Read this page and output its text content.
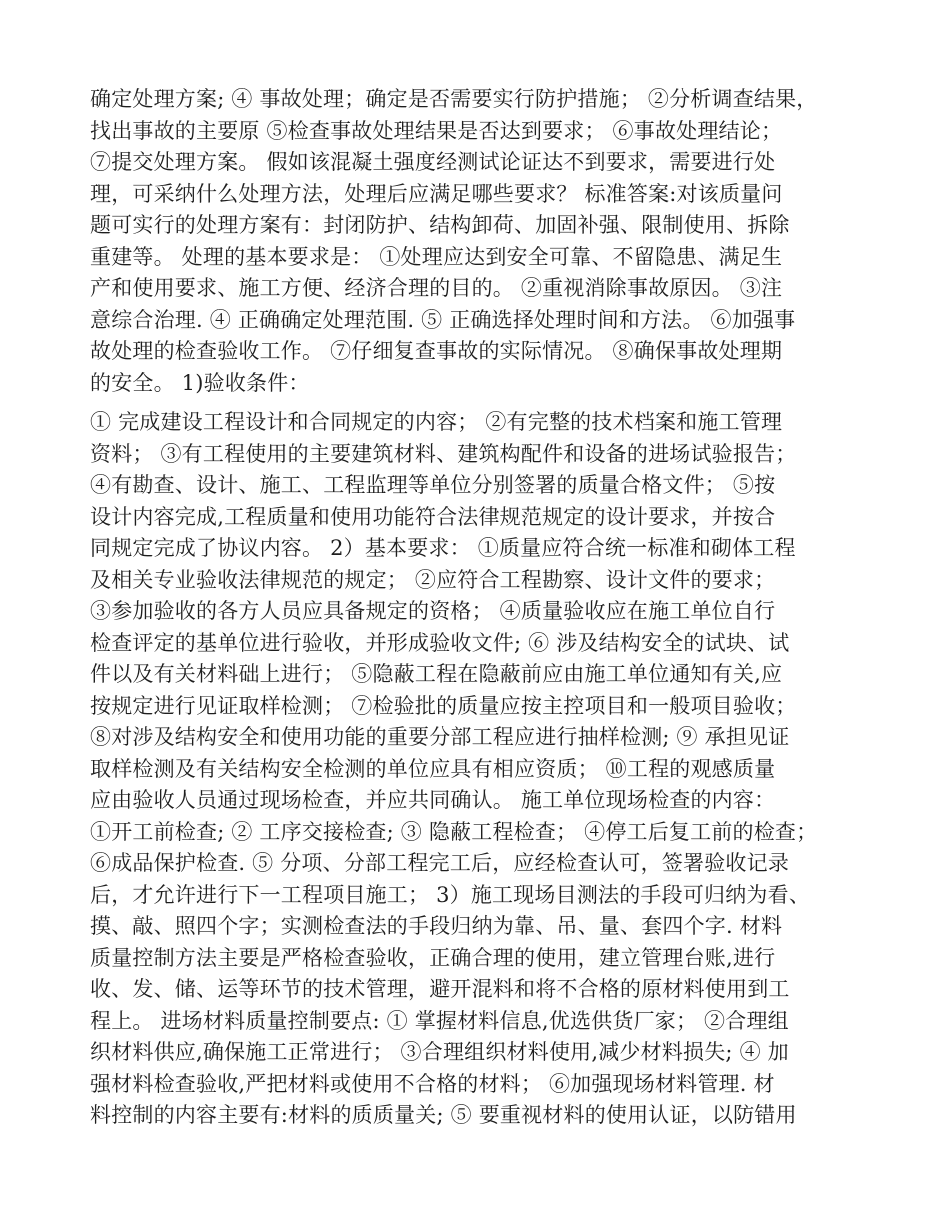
确定处理方案; ④ 事故处理；确定是否需要实行防护措施； ②分析调查结果，
找出事故的主要原 ⑤检查事故处理结果是否达到要求； ⑥事故处理结论；
⑦提交处理方案。 假如该混凝土强度经测试论证达不到要求，需要进行处
理，可采纳什么处理方法，处理后应满足哪些要求？ 标准答案:对该质量问
题可实行的处理方案有：封闭防护、结构卸荷、加固补强、限制使用、拆除
重建等。 处理的基本要求是： ①处理应达到安全可靠、不留隐患、满足生
产和使用要求、施工方便、经济合理的目的。 ②重视消除事故原因。 ③注
意综合治理. ④ 正确确定处理范围. ⑤ 正确选择处理时间和方法。 ⑥加强事
故处理的检查验收工作。 ⑦仔细复查事故的实际情况。 ⑧确保事故处理期
的安全。 1)验收条件：
① 完成建设工程设计和合同规定的内容； ②有完整的技术档案和施工管理
资料； ③有工程使用的主要建筑材料、建筑构配件和设备的进场试验报告；
④有勘查、设计、施工、工程监理等单位分别签署的质量合格文件； ⑤按
设计内容完成,工程质量和使用功能符合法律规范规定的设计要求，并按合
同规定完成了协议内容。 2）基本要求： ①质量应符合统一标准和砌体工程
及相关专业验收法律规范的规定； ②应符合工程勘察、设计文件的要求；
③参加验收的各方人员应具备规定的资格； ④质量验收应在施工单位自行
检查评定的基单位进行验收，并形成验收文件; ⑥ 涉及结构安全的试块、试
件以及有关材料础上进行； ⑤隐蔽工程在隐蔽前应由施工单位通知有关,应
按规定进行见证取样检测； ⑦检验批的质量应按主控项目和一般项目验收；
⑧对涉及结构安全和使用功能的重要分部工程应进行抽样检测; ⑨ 承担见证
取样检测及有关结构安全检测的单位应具有相应资质； ⑩工程的观感质量
应由验收人员通过现场检查，并应共同确认。 施工单位现场检查的内容：
①开工前检查; ② 工序交接检查; ③ 隐蔽工程检查； ④停工后复工前的检查；
⑥成品保护检查. ⑤ 分项、分部工程完工后，应经检查认可，签署验收记录
后，才允许进行下一工程项目施工； 3）施工现场目测法的手段可归纳为看、
摸、敲、照四个字；实测检查法的手段归纳为靠、吊、量、套四个字. 材料
质量控制方法主要是严格检查验收，正确合理的使用，建立管理台账,进行
收、发、储、运等环节的技术管理，避开混料和将不合格的原材料使用到工
程上。 进场材料质量控制要点: ① 掌握材料信息,优选供货厂家； ②合理组
织材料供应,确保施工正常进行； ③合理组织材料使用,减少材料损失; ④ 加
强材料检查验收,严把材料或使用不合格的材料； ⑥加强现场材料管理. 材
料控制的内容主要有:材料的质质量关; ⑤ 要重视材料的使用认证，以防错用
